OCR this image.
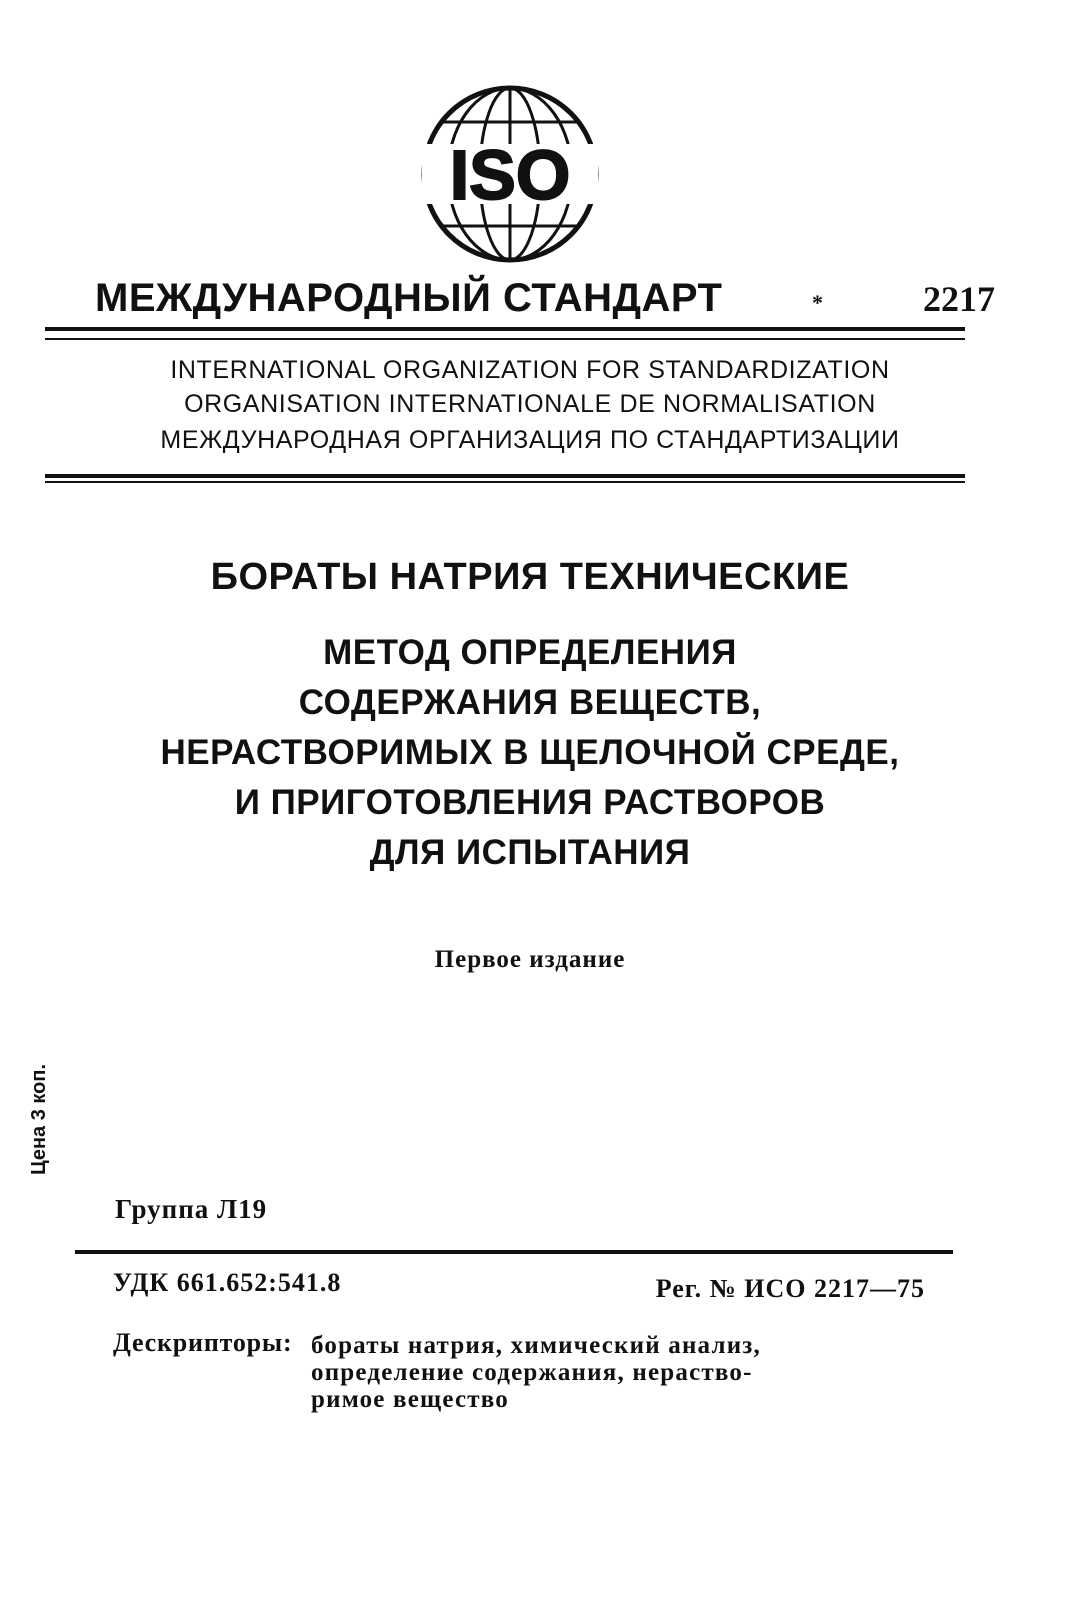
ISO
МЕЖДУНАРОДНЫЙ СТАНДАРТ	*	2217
INTERNATIONAL ORGANIZATION FOR STANDARDIZATION
ORGANISATION INTERNATIONALE DE NORMALISATION
МЕЖДУНАРОДНАЯ ОРГАНИЗАЦИЯ ПО СТАНДАРТИЗАЦИИ
БОРАТЫ НАТРИЯ ТЕХНИЧЕСКИЕ
МЕТОД ОПРЕДЕЛЕНИЯ
СОДЕРЖАНИЯ ВЕЩЕСТВ,
НЕРАСТВОРИМЫХ В ЩЕЛОЧНОЙ СРЕДЕ,
И ПРИГОТОВЛЕНИЯ РАСТВОРОВ
ДЛЯ ИСПЫТАНИЯ
Первое издание
Цена 3 коп.
Группа Л19
УДК 661.652:541.8	Рег. № ИСО 2217—75
Дескрипторы: бораты натрия, химический анализ,
определение содержания, нераство-
римое вещество
